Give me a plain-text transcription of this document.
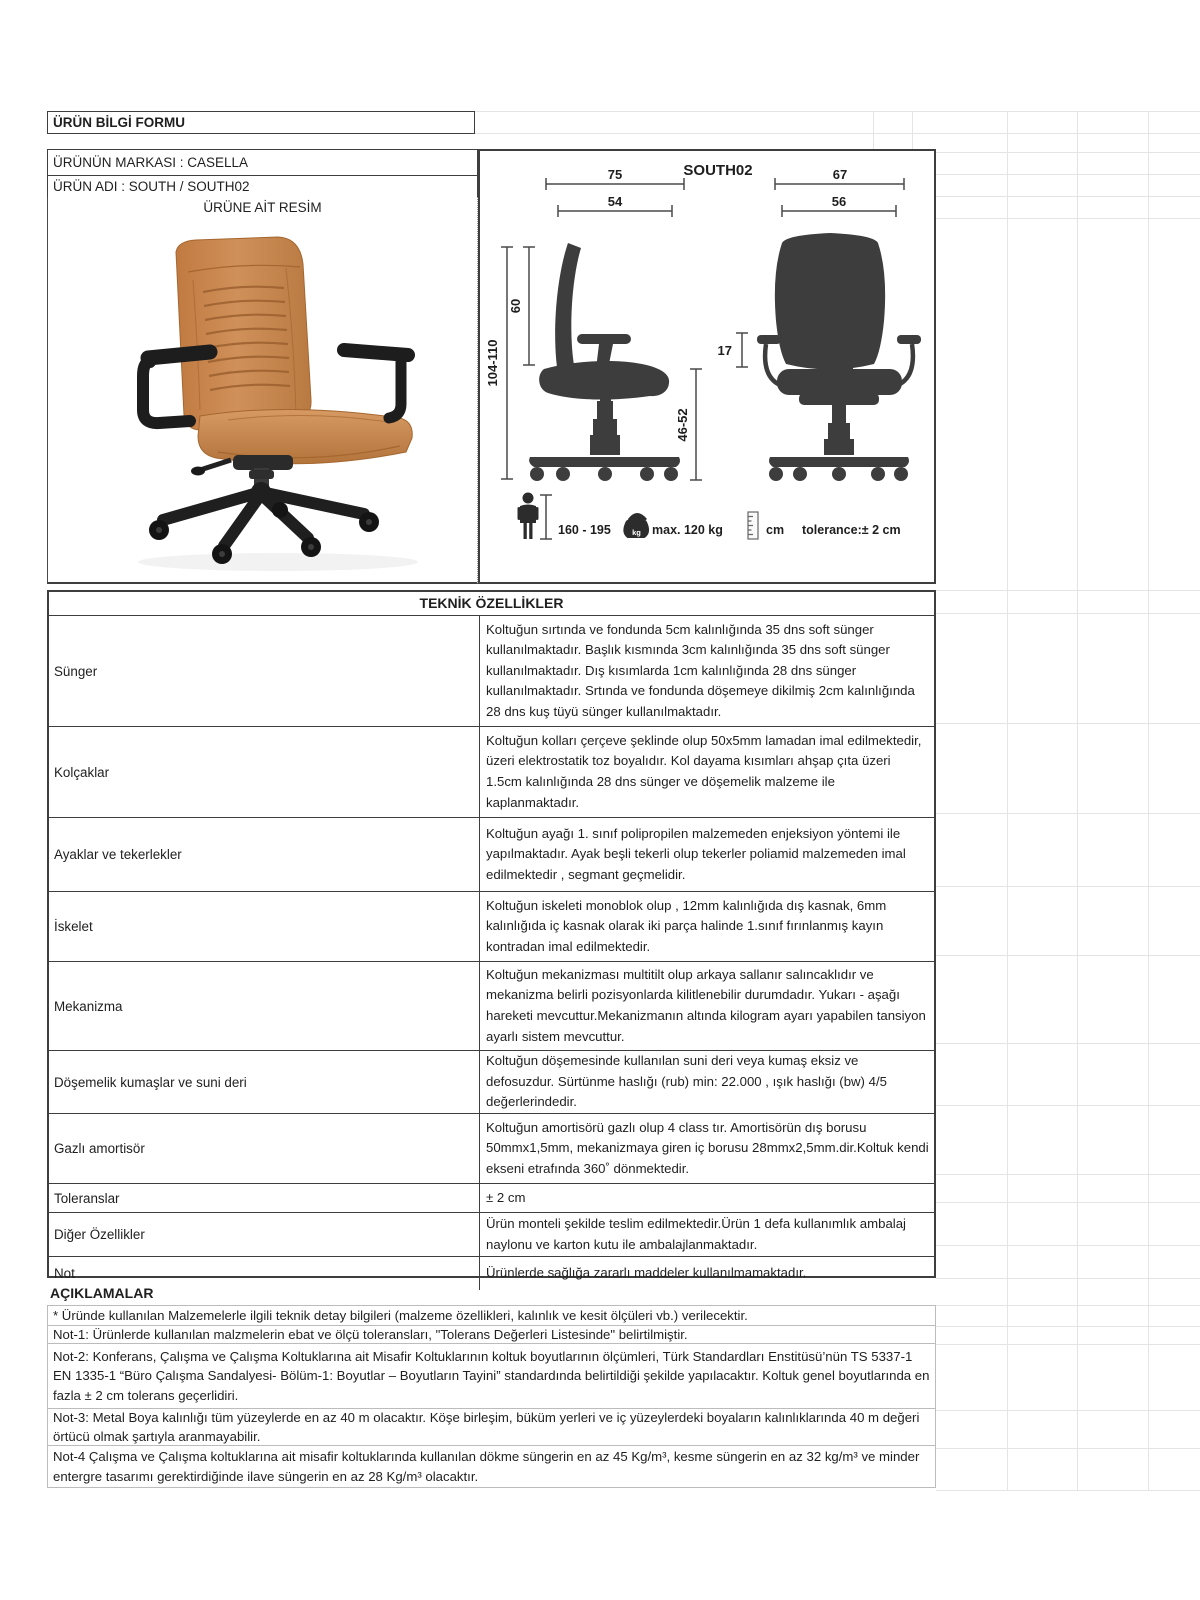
ÜRÜN BİLGİ FORMU
ÜRÜNÜN MARKASI : CASELLA
ÜRÜN ADI : SOUTH / SOUTH02
ÜRÜNE AİT RESİM
SOUTH02
75
54
67
56
104-110
60
46-52
17
160 - 195	kg max. 120 kg	cm tolerance:± 2 cm
TEKNİK ÖZELLİKLER
Sünger
Koltuğun sırtında ve fondunda 5cm kalınlığında 35 dns soft sünger kullanılmaktadır. Başlık kısmında 3cm kalınlığında 35 dns soft sünger kullanılmaktadır. Dış kısımlarda 1cm kalınlığında 28 dns sünger kullanılmaktadır. Srtında ve fondunda döşemeye dikilmiş 2cm kalınlığında 28 dns kuş tüyü sünger kullanılmaktadır.
Kolçaklar
Koltuğun kolları çerçeve şeklinde olup 50x5mm lamadan imal edilmektedir, üzeri elektrostatik toz boyalıdır. Kol dayama kısımları ahşap çıta üzeri 1.5cm kalınlığında 28 dns sünger ve döşemelik malzeme ile kaplanmaktadır.
Ayaklar ve tekerlekler
Koltuğun ayağı 1. sınıf polipropilen malzemeden enjeksiyon yöntemi ile yapılmaktadır. Ayak beşli tekerli olup tekerler poliamid malzemeden imal edilmektedir , segmant geçmelidir.
İskelet
Koltuğun iskeleti monoblok olup , 12mm kalınlığıda dış kasnak, 6mm kalınlığıda iç kasnak olarak iki parça halinde 1.sınıf fırınlanmış kayın kontradan imal edilmektedir.
Mekanizma
Koltuğun mekanizması multitilt olup arkaya sallanır salıncaklıdır ve mekanizma belirli pozisyonlarda kilitlenebilir durumdadır. Yukarı - aşağı hareketi mevcuttur.Mekanizmanın altında kilogram ayarı yapabilen tansiyon ayarlı sistem mevcuttur.
Döşemelik kumaşlar ve suni deri
Koltuğun döşemesinde kullanılan suni deri veya kumaş eksiz ve defosuzdur. Sürtünme haslığı (rub) min: 22.000 , ışık haslığı (bw) 4/5 değerlerindedir.
Gazlı amortisör
Koltuğun amortisörü gazlı olup 4 class tır. Amortisörün dış borusu 50mmx1,5mm, mekanizmaya giren iç borusu 28mmx2,5mm.dir.Koltuk kendi ekseni etrafında 360˚ dönmektedir.
Toleranslar	± 2 cm
Diğer Özellikler
Ürün monteli şekilde teslim edilmektedir.Ürün 1 defa kullanımlık ambalaj naylonu ve karton kutu ile ambalajlanmaktadır.
Not	Ürünlerde sağlığa zararlı maddeler kullanılmamaktadır.
AÇIKLAMALAR
* Üründe kullanılan Malzemelerle ilgili teknik detay bilgileri (malzeme özellikleri, kalınlık ve kesit ölçüleri vb.) verilecektir.
Not-1: Ürünlerde kullanılan malzmelerin ebat ve ölçü toleransları, "Tolerans Değerleri Listesinde" belirtilmiştir.
Not-2: Konferans, Çalışma ve Çalışma Koltuklarına ait Misafir Koltuklarının koltuk boyutlarının ölçümleri, Türk Standardları Enstitüsü’nün TS 5337-1 EN 1335-1 “Büro Çalışma Sandalyesi- Bölüm-1: Boyutlar – Boyutların Tayini” standardında belirtildiği şekilde yapılacaktır. Koltuk genel boyutlarında en fazla ± 2 cm tolerans geçerlidiri.
Not-3: Metal Boya kalınlığı tüm yüzeylerde en az 40 m olacaktır. Köşe birleşim, büküm yerleri ve iç yüzeylerdeki boyaların kalınlıklarında 40 m değeri örtücü olmak şartıyla aranmayabilir.
Not-4 Çalışma ve Çalışma koltuklarına ait misafir koltuklarında kullanılan dökme süngerin en az 45 Kg/m³, kesme süngerin en az 32 kg/m³ ve minder entergre tasarımı gerektirdiğinde ilave süngerin en az 28 Kg/m³ olacaktır.
